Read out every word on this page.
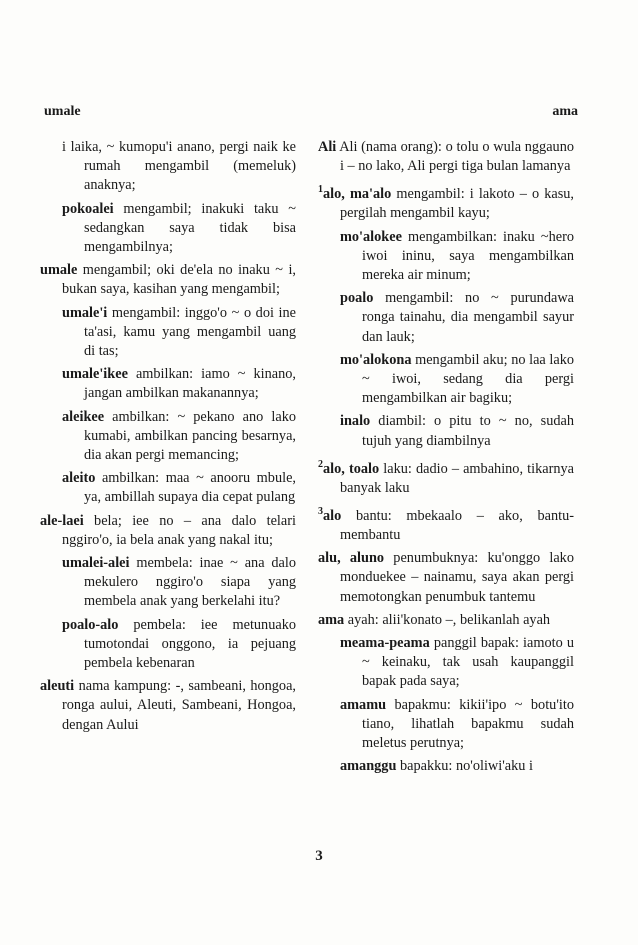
umale	ama
i laika, ~ kumopu'i anano, pergi naik ke rumah mengambil (memeluk) anaknya;
pokoalei mengambil; inakuki taku ~ sedangkan saya tidak bisa mengambilnya;
umale mengambil; oki de'ela no inaku ~ i, bukan saya, kasihan yang mengambil;
umale'i mengambil: inggo'o ~ o doi ine ta'asi, kamu yang mengambil uang di tas;
umale'ikee ambilkan: iamo ~ kinano, jangan ambilkan makanannya;
aleikee ambilkan: ~ pekano ano lako kumabi, ambilkan pancing besarnya, dia akan pergi memancing;
aleito ambilkan: maa ~ anooru mbule, ya, ambillah supaya dia cepat pulang
ale-laei bela; iee no – ana dalo telari nggiro'o, ia bela anak yang nakal itu;
umalei-alei membela: inae ~ ana dalo mekulero nggiro'o siapa yang membela anak yang berkelahi itu?
poalo-alo pembela: iee metunuako tumotondai onggono, ia pejuang pembela kebenaran
aleuti nama kampung: -, sambeani, hongoa, ronga aului, Aleuti, Sambeani, Hongoa, dengan Aului
Ali Ali (nama orang): o tolu o wula nggauno i – no lako, Ali pergi tiga bulan lamanya
$^1$alo, ma'alo mengambil: i lakoto – o kasu, pergilah mengambil kayu;
mo'alokee mengambilkan: inaku ~hero iwoi ininu, saya mengambilkan mereka air minum;
poalo mengambil: no ~ purundawa ronga tainahu, dia mengambil sayur dan lauk;
mo'alokona mengambil aku; no laa lako ~ iwoi, sedang dia pergi mengambilkan air bagiku;
inalo diambil: o pitu to ~ no, sudah tujuh yang diambilnya
$^2$alo, toalo laku: dadio – ambahino, tikarnya banyak laku
$^3$alo bantu: mbekaalo – ako, bantu-membantu
alu, aluno penumbuknya: ku'onggo lako monduekee – nainamu, saya akan pergi memotongkan penumbuk tantemu
ama ayah: alii'konato –, belikanlah ayah
meama-peama panggil bapak: iamoto u ~ keinaku, tak usah kaupanggil bapak pada saya;
amamu bapakmu: kikii'ipo ~ botu'ito tiano, lihatlah bapakmu sudah meletus perutnya;
amanggu bapakku: no'oliwi'aku i
3
